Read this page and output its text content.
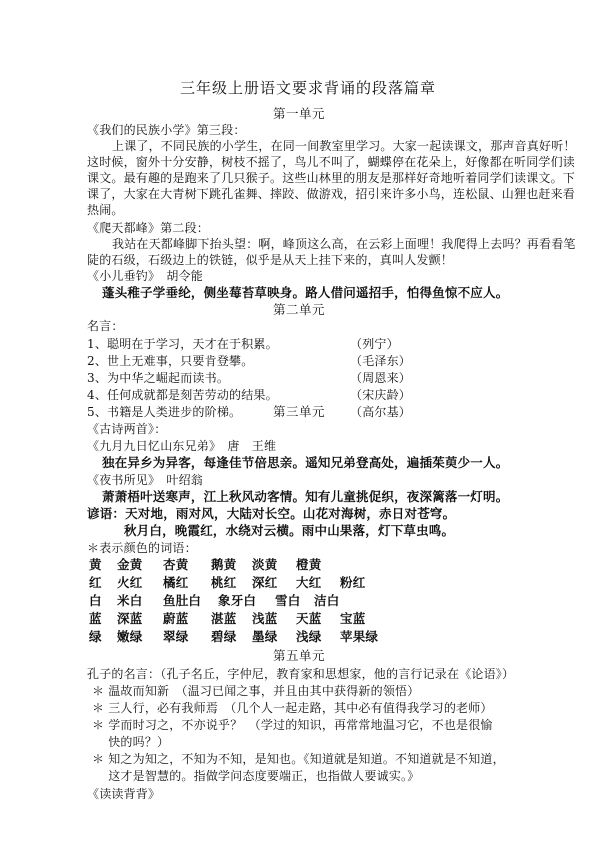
三年级上册语文要求背诵的段落篇章
第一单元
《我们的民族小学》第三段：
上课了，不同民族的小学生，在同一间教室里学习。大家一起读课文，那声音真好听！
这时候，窗外十分安静，树枝不摇了，鸟儿不叫了，蝴蝶停在花朵上，好像都在听同学们读
课文。最有趣的是跑来了几只猴子。这些山林里的朋友是那样好奇地听着同学们读课文。下
课了，大家在大青树下跳孔雀舞、摔跤、做游戏，招引来许多小鸟，连松鼠、山狸也赶来看
热闹。
《爬天都峰》第二段：
我站在天都峰脚下抬头望：啊，峰顶这么高，在云彩上面哩！我爬得上去吗？再看看笔
陡的石级，石级边上的铁链，似乎是从天上挂下来的，真叫人发颤！
《小儿垂钓》　胡令能
蓬头稚子学垂纶，侧坐莓苔草映身。路人借问遥招手，怕得鱼惊不应人。
第二单元
名言：
1、聪明在于学习，天才在于积累。	（列宁）
2、世上无难事，只要肯登攀。	（毛泽东）
3、为中华之崛起而读书。	（周恩来）
4、任何成就都是刻苦劳动的结果。	（宋庆龄）
5、书籍是人类进步的阶梯。	（高尔基）
第三单元
《古诗两首》：
《九月九日忆山东兄弟》　唐　王维
独在异乡为异客，每逢佳节倍思亲。遥知兄弟登高处，遍插茱萸少一人。
《夜书所见》　叶绍翁
萧萧梧叶送寒声，江上秋风动客情。知有儿童挑促织，夜深篱落一灯明。
谚语：天对地，雨对风，大陆对长空。山花对海树，赤日对苍穹。
秋月白，晚霞红，水绕对云横。雨中山果落，灯下草虫鸣。
＊表示颜色的词语：
黄 金黄 杏黄 鹅黄 淡黄 橙黄
红 火红 橘红 桃红 深红 大红 粉红
白 米白 鱼肚白 象牙白 雪白 洁白
蓝 深蓝 蔚蓝 湛蓝 浅蓝 天蓝 宝蓝
绿 嫩绿 翠绿 碧绿 墨绿 浅绿 苹果绿
第五单元
孔子的名言：（孔子名丘，字仲尼，教育家和思想家，他的言行记录在《论语》）
＊ 温故而知新　（温习已闻之事，并且由其中获得新的领悟）
＊ 三人行，必有我师焉　（几个人一起走路，其中必有值得我学习的老师）
＊ 学而时习之，不亦说乎？　（学过的知识，再常常地温习它，不也是很愉
　 快的吗？）
＊ 知之为知之，不知为不知，是知也。《知道就是知道。不知道就是不知道，
　 这才是智慧的。指做学问态度要端正，也指做人要诚实。》
《读读背背》
